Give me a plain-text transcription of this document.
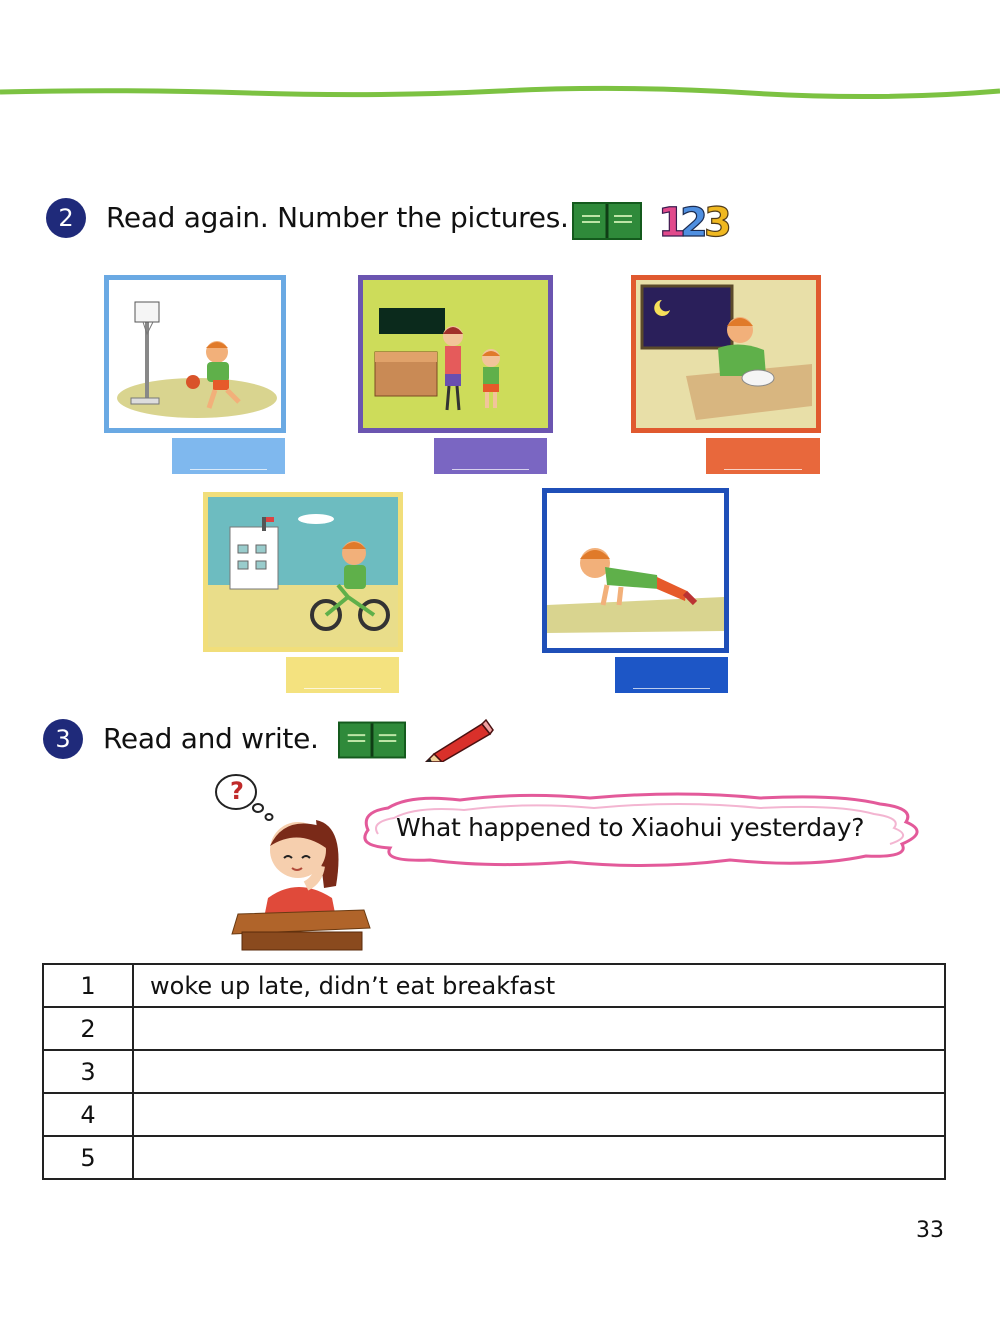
2	Read again. Number the pictures. 1
2
3
3	Read and write.
?
What happened to Xiaohui yesterday?
1	woke up late, didn’t eat breakfast
2	
3	
4	
5	
33
